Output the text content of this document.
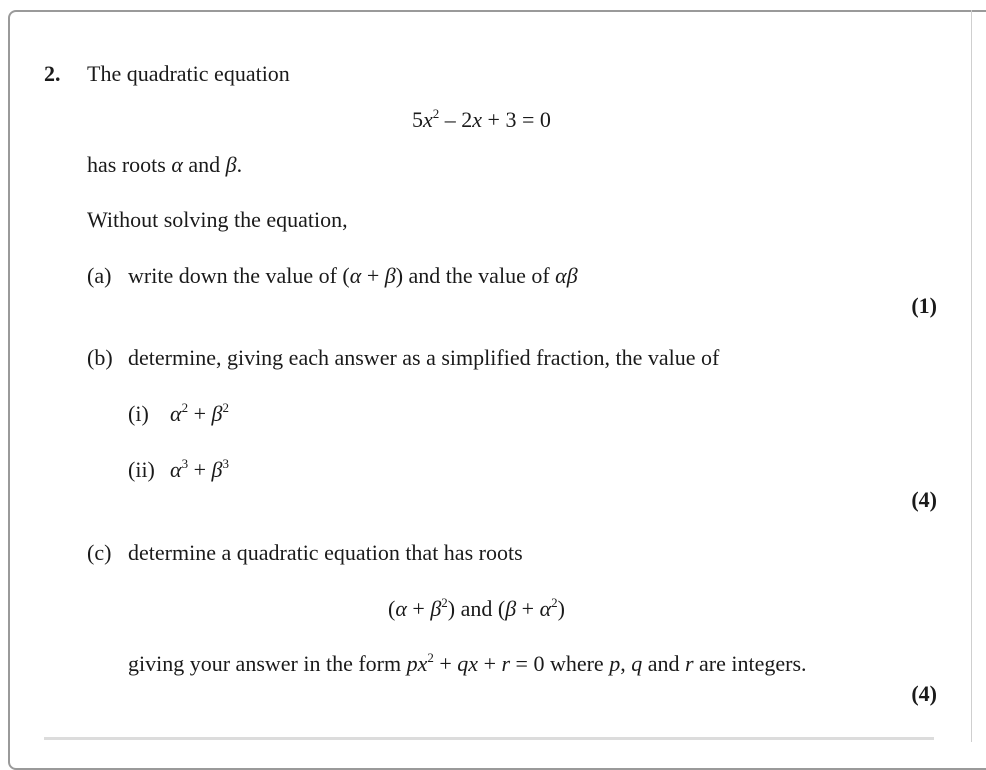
2. The quadratic equation
$5x^2 - 2x + 3 = 0$
has roots α and β.
Without solving the equation,
(a) write down the value of (α + β) and the value of αβ
(1)
(b) determine, giving each answer as a simplified fraction, the value of
(i) $\alpha^2 + \beta^2$
(ii) $\alpha^3 + \beta^3$
(4)
(c) determine a quadratic equation that has roots
$(\alpha + \beta^2)$ and $(\beta + \alpha^2)$
giving your answer in the form $px^2$ + qx + r = 0 where p, q and r are integers.
(4)
